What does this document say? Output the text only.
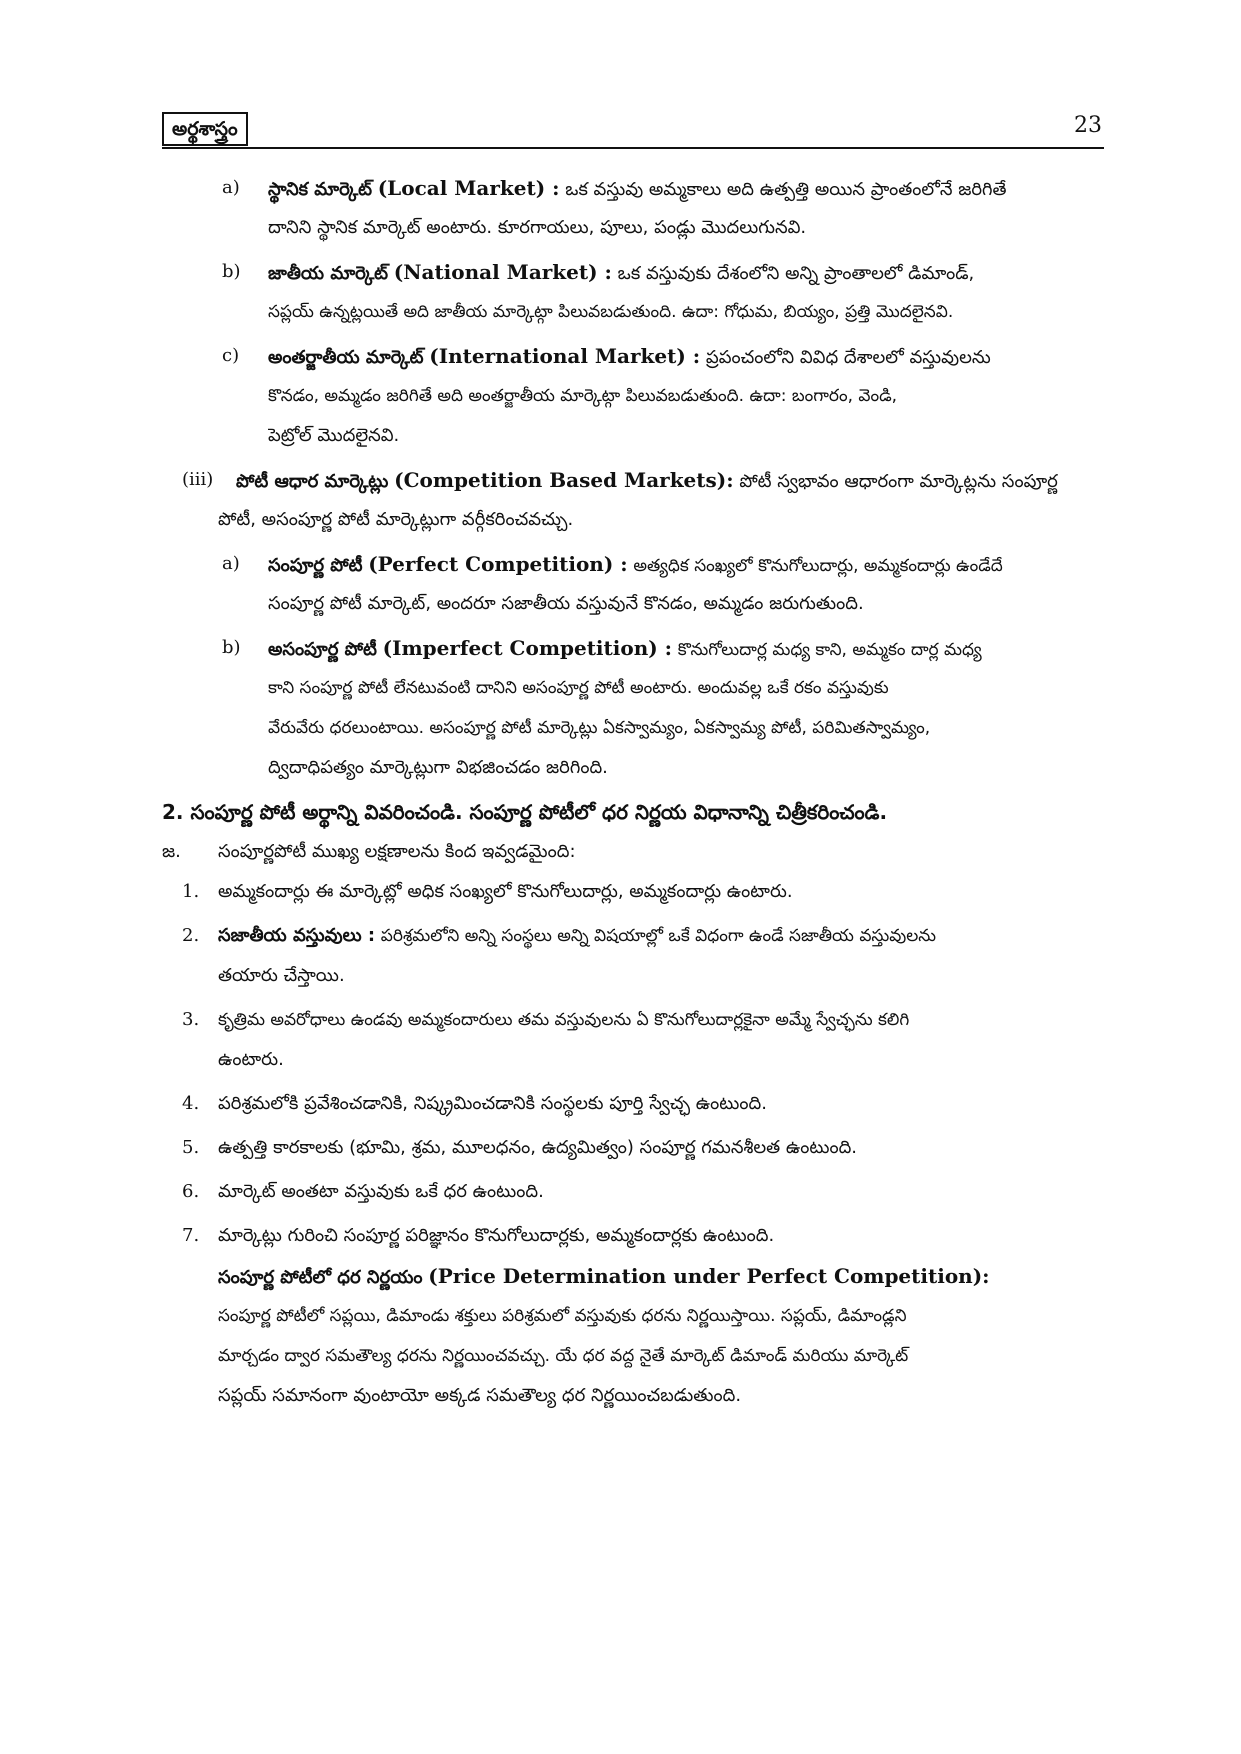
అర్థశాస్త్రం	23
a) స్థానిక మార్కెట్ (Local Market) : ఒక వస్తువు అమ్మకాలు అది ఉత్పత్తి అయిన ప్రాంతంలోనే జరిగితే
దానిని స్థానిక మార్కెట్ అంటారు. కూరగాయలు, పూలు, పండ్లు మొదలుగునవి.
b) జాతీయ మార్కెట్ (National Market) : ఒక వస్తువుకు దేశంలోని అన్ని ప్రాంతాలలో డిమాండ్,
సప్లయ్ ఉన్నట్లయితే అది జాతీయ మార్కెట్గా పిలువబడుతుంది. ఉదా: గోధుమ, బియ్యం, ప్రత్తి మొదలైనవి.
c) అంతర్జాతీయ మార్కెట్ (International Market) : ప్రపంచంలోని వివిధ దేశాలలో వస్తువులను
కొనడం, అమ్మడం జరిగితే అది అంతర్జాతీయ మార్కెట్గా పిలువబడుతుంది. ఉదా: బంగారం, వెండి,
పెట్రోల్ మొదలైనవి.
(iii)	పోటీ ఆధార మార్కెట్లు (Competition Based Markets): పోటీ స్వభావం ఆధారంగా మార్కెట్లను సంపూర్ణ
పోటీ, అసంపూర్ణ పోటీ మార్కెట్లుగా వర్గీకరించవచ్చు.
a) సంపూర్ణ పోటీ (Perfect Competition) : అత్యధిక సంఖ్యలో కొనుగోలుదార్లు, అమ్మకందార్లు ఉండేదే
సంపూర్ణ పోటీ మార్కెట్, అందరూ సజాతీయ వస్తువునే కొనడం, అమ్మడం జరుగుతుంది.
b) అసంపూర్ణ పోటీ (Imperfect Competition) : కొనుగోలుదార్ల మధ్య కాని, అమ్మకం దార్ల మధ్య
కాని సంపూర్ణ పోటీ లేనటువంటి దానిని అసంపూర్ణ పోటీ అంటారు. అందువల్ల ఒకే రకం వస్తువుకు
వేరువేరు ధరలుంటాయి. అసంపూర్ణ పోటీ మార్కెట్లు ఏకస్వామ్యం, ఏకస్వామ్య పోటీ, పరిమితస్వామ్యం,
ద్విదాధిపత్యం మార్కెట్లుగా విభజించడం జరిగింది.
2. సంపూర్ణ పోటీ అర్థాన్ని వివరించండి. సంపూర్ణ పోటీలో ధర నిర్ణయ విధానాన్ని చిత్రీకరించండి.
జ. సంపూర్ణపోటీ ముఖ్య లక్షణాలను కింద ఇవ్వడమైంది:
1. అమ్మకందార్లు ఈ మార్కెట్లో అధిక సంఖ్యలో కొనుగోలుదార్లు, అమ్మకందార్లు ఉంటారు.
2. సజాతీయ వస్తువులు : పరిశ్రమలోని అన్ని సంస్థలు అన్ని విషయాల్లో ఒకే విధంగా ఉండే సజాతీయ వస్తువులను
తయారు చేస్తాయి.
3. కృత్రిమ అవరోధాలు ఉండవు అమ్మకందారులు తమ వస్తువులను ఏ కొనుగోలుదార్లకైనా అమ్మే స్వేచ్ఛను కలిగి
ఉంటారు.
4. పరిశ్రమలోకి ప్రవేశించడానికి, నిష్క్రమించడానికి సంస్థలకు పూర్తి స్వేచ్ఛ ఉంటుంది.
5. ఉత్పత్తి కారకాలకు (భూమి, శ్రమ, మూలధనం, ఉద్యమిత్వం) సంపూర్ణ గమనశీలత ఉంటుంది.
6. మార్కెట్ అంతటా వస్తువుకు ఒకే ధర ఉంటుంది.
7. మార్కెట్లు గురించి సంపూర్ణ పరిజ్ఞానం కొనుగోలుదార్లకు, అమ్మకందార్లకు ఉంటుంది.
సంపూర్ణ పోటీలో ధర నిర్ణయం (Price Determination under Perfect Competition):
సంపూర్ణ పోటీలో సప్లయి, డిమాండు శక్తులు పరిశ్రమలో వస్తువుకు ధరను నిర్ణయిస్తాయి. సప్లయ్, డిమాండ్లని
మార్చడం ద్వార సమతౌల్య ధరను నిర్ణయించవచ్చు. యే ధర వద్ద నైతే మార్కెట్ డిమాండ్ మరియు మార్కెట్
సప్లయ్ సమానంగా వుంటాయో అక్కడ సమతౌల్య ధర నిర్ణయించబడుతుంది.
